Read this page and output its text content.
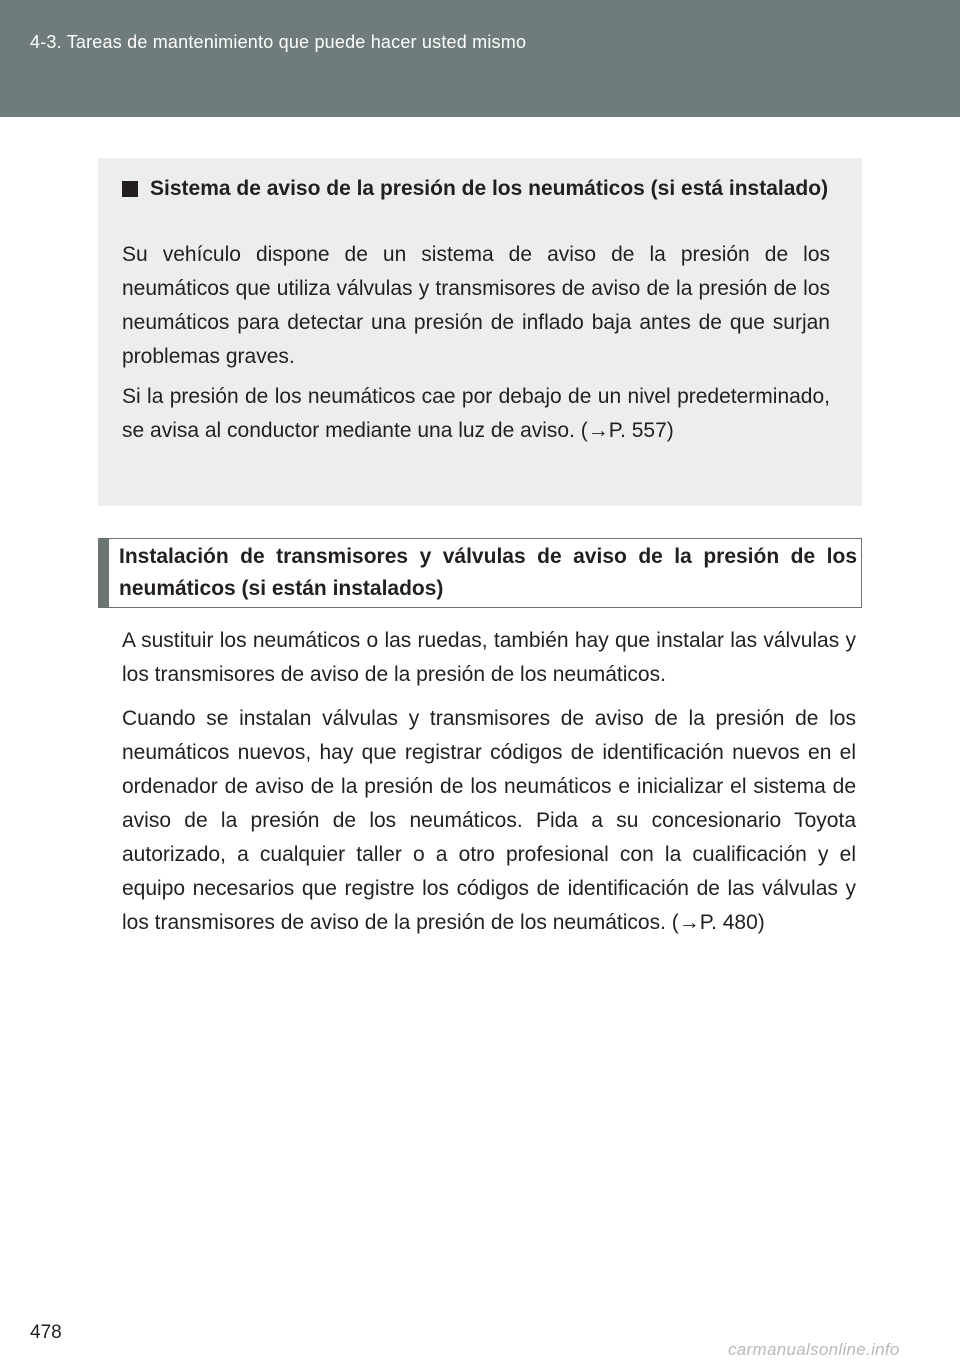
4-3. Tareas de mantenimiento que puede hacer usted mismo
Sistema de aviso de la presión de los neumáticos (si está instalado)

Su vehículo dispone de un sistema de aviso de la presión de los neumáticos que utiliza válvulas y transmisores de aviso de la presión de los neumáticos para detectar una presión de inflado baja antes de que surjan problemas graves.

Si la presión de los neumáticos cae por debajo de un nivel predeterminado, se avisa al conductor mediante una luz de aviso. (→P. 557)

Instalación de transmisores y válvulas de aviso de la presión de los neumáticos (si están instalados)

A sustituir los neumáticos o las ruedas, también hay que instalar las válvulas y los transmisores de aviso de la presión de los neumáticos.

Cuando se instalan válvulas y transmisores de aviso de la presión de los neumáticos nuevos, hay que registrar códigos de identificación nuevos en el ordenador de aviso de la presión de los neumáticos e inicializar el sistema de aviso de la presión de los neumáticos. Pida a su concesionario Toyota autorizado, a cualquier taller o a otro profesional con la cualificación y el equipo necesarios que registre los códigos de identificación de las válvulas y los transmisores de aviso de la presión de los neumáticos. (→P. 480)

478
carmanualsonline.info
